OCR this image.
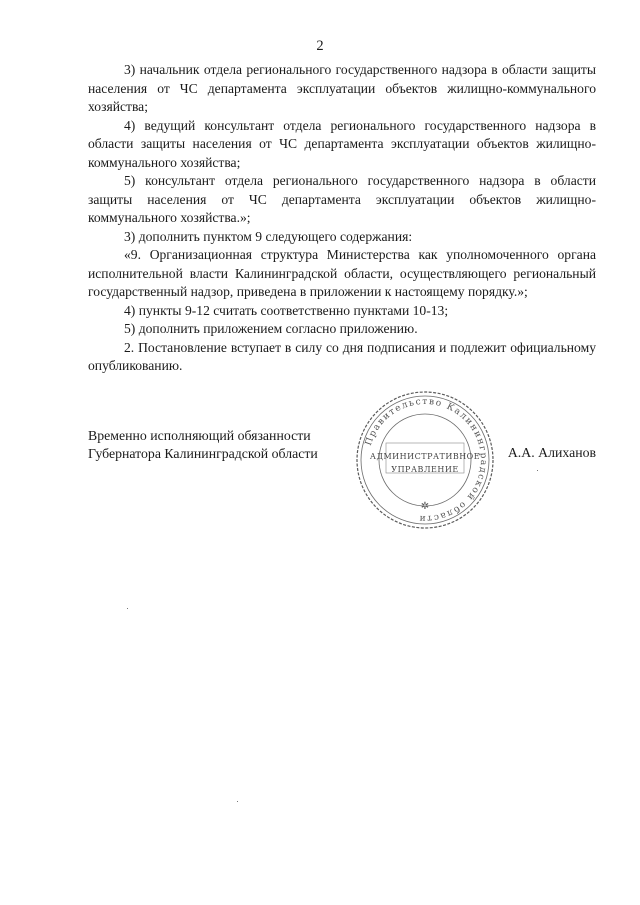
2

3) начальник отдела регионального государственного надзора в области защиты населения от ЧС департамента эксплуатации объектов жилищно-коммунального хозяйства;

4) ведущий консультант отдела регионального государственного надзора в области защиты населения от ЧС департамента эксплуатации объектов жилищно-коммунального хозяйства;

5) консультант отдела регионального государственного надзора в области защиты населения от ЧС департамента эксплуатации объектов жилищно-коммунального хозяйства.»;

3) дополнить пунктом 9 следующего содержания:

«9. Организационная структура Министерства как уполномоченного органа исполнительной власти Калининградской области, осуществляющего региональный государственный надзор, приведена в приложении к настоящему порядку.»;

4) пункты 9-12 считать соответственно пунктами 10-13;

5) дополнить приложением согласно приложению.

2. Постановление вступает в силу со дня подписания и подлежит официальному опубликованию.

Временно исполняющий обязанности
Губернатора Калининградской области
Правительство Калининградской области
✲
АДМИНИСТРАТИВНОЕ
УПРАВЛЕНИЕ
А.А. Алиханов
